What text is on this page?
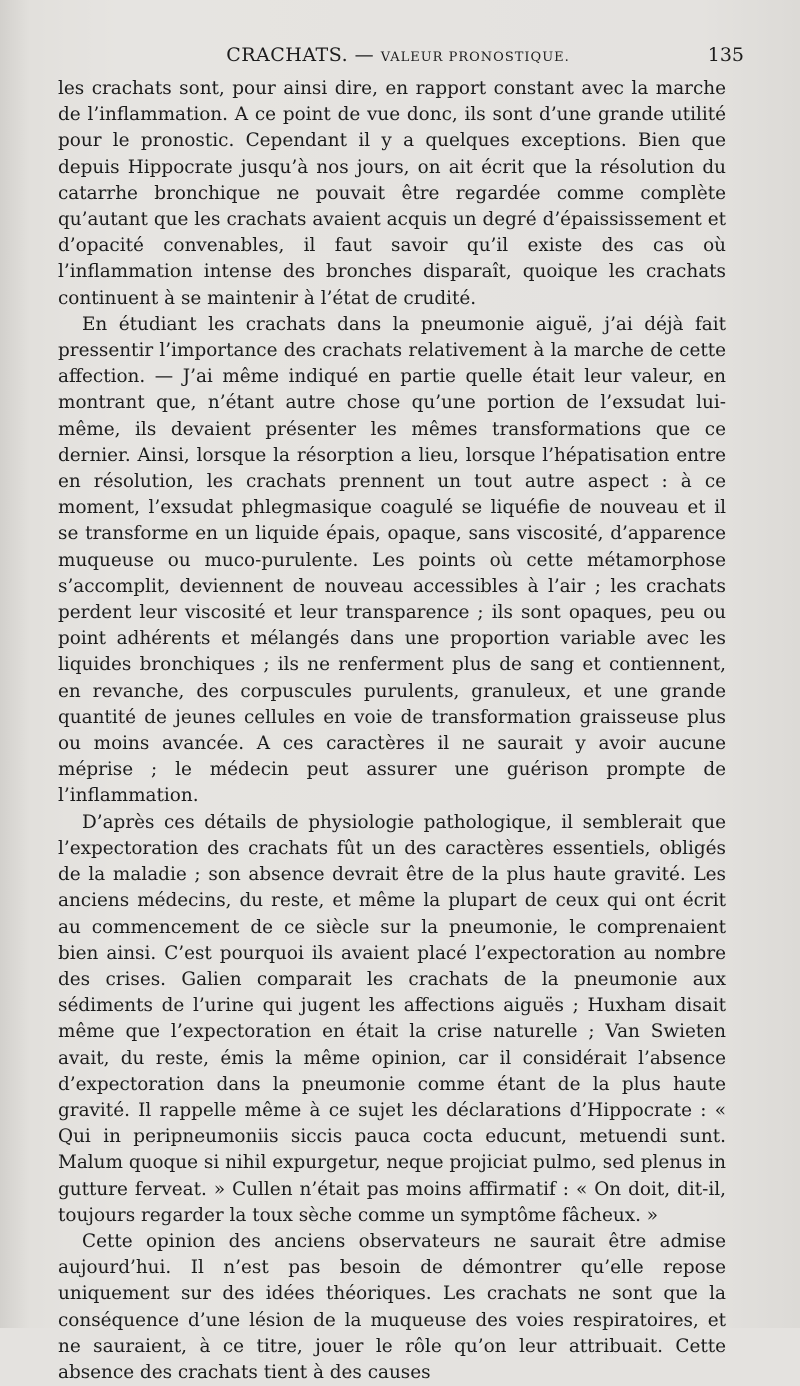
CRACHATS. — VALEUR PRONOSTIQUE.	135

les crachats sont, pour ainsi dire, en rapport constant avec la marche de l’inflammation. A ce point de vue donc, ils sont d’une grande utilité pour le pronostic. Cependant il y a quelques exceptions. Bien que depuis Hippocrate jusqu’à nos jours, on ait écrit que la résolution du catarrhe bronchique ne pouvait être regardée comme complète qu’autant que les crachats avaient acquis un degré d’épaississement et d’opacité convenables, il faut savoir qu’il existe des cas où l’inflammation intense des bronches disparaît, quoique les crachats continuent à se maintenir à l’état de crudité.

En étudiant les crachats dans la pneumonie aiguë, j’ai déjà fait pressentir l’importance des crachats relativement à la marche de cette affection. — J’ai même indiqué en partie quelle était leur valeur, en montrant que, n’étant autre chose qu’une portion de l’exsudat lui-même, ils devaient présenter les mêmes transformations que ce dernier. Ainsi, lorsque la résorption a lieu, lorsque l’hépatisation entre en résolution, les crachats prennent un tout autre aspect : à ce moment, l’exsudat phlegmasique coagulé se liquéfie de nouveau et il se transforme en un liquide épais, opaque, sans viscosité, d’apparence muqueuse ou muco-purulente. Les points où cette métamorphose s’accomplit, deviennent de nouveau accessibles à l’air ; les crachats perdent leur viscosité et leur transparence ; ils sont opaques, peu ou point adhérents et mélangés dans une proportion variable avec les liquides bronchiques ; ils ne renferment plus de sang et contiennent, en revanche, des corpuscules purulents, granuleux, et une grande quantité de jeunes cellules en voie de transformation graisseuse plus ou moins avancée. A ces caractères il ne saurait y avoir aucune méprise ; le médecin peut assurer une guérison prompte de l’inflammation.

D’après ces détails de physiologie pathologique, il semblerait que l’expectoration des crachats fût un des caractères essentiels, obligés de la maladie ; son absence devrait être de la plus haute gravité. Les anciens médecins, du reste, et même la plupart de ceux qui ont écrit au commencement de ce siècle sur la pneumonie, le comprenaient bien ainsi. C’est pourquoi ils avaient placé l’expectoration au nombre des crises. Galien comparait les crachats de la pneumonie aux sédiments de l’urine qui jugent les affections aiguës ; Huxham disait même que l’expectoration en était la crise naturelle ; Van Swieten avait, du reste, émis la même opinion, car il considérait l’absence d’expectoration dans la pneumonie comme étant de la plus haute gravité. Il rappelle même à ce sujet les déclarations d’Hippocrate : « Qui in peripneumoniis siccis pauca cocta educunt, metuendi sunt. Malum quoque si nihil expurgetur, neque projiciat pulmo, sed plenus in gutture ferveat. » Cullen n’était pas moins affirmatif : « On doit, dit-il, toujours regarder la toux sèche comme un symptôme fâcheux. »

Cette opinion des anciens observateurs ne saurait être admise aujourd’hui. Il n’est pas besoin de démontrer qu’elle repose uniquement sur des idées théoriques. Les crachats ne sont que la conséquence d’une lésion de la muqueuse des voies respiratoires, et ne sauraient, à ce titre, jouer le rôle qu’on leur attribuait. Cette absence des crachats tient à des causes
